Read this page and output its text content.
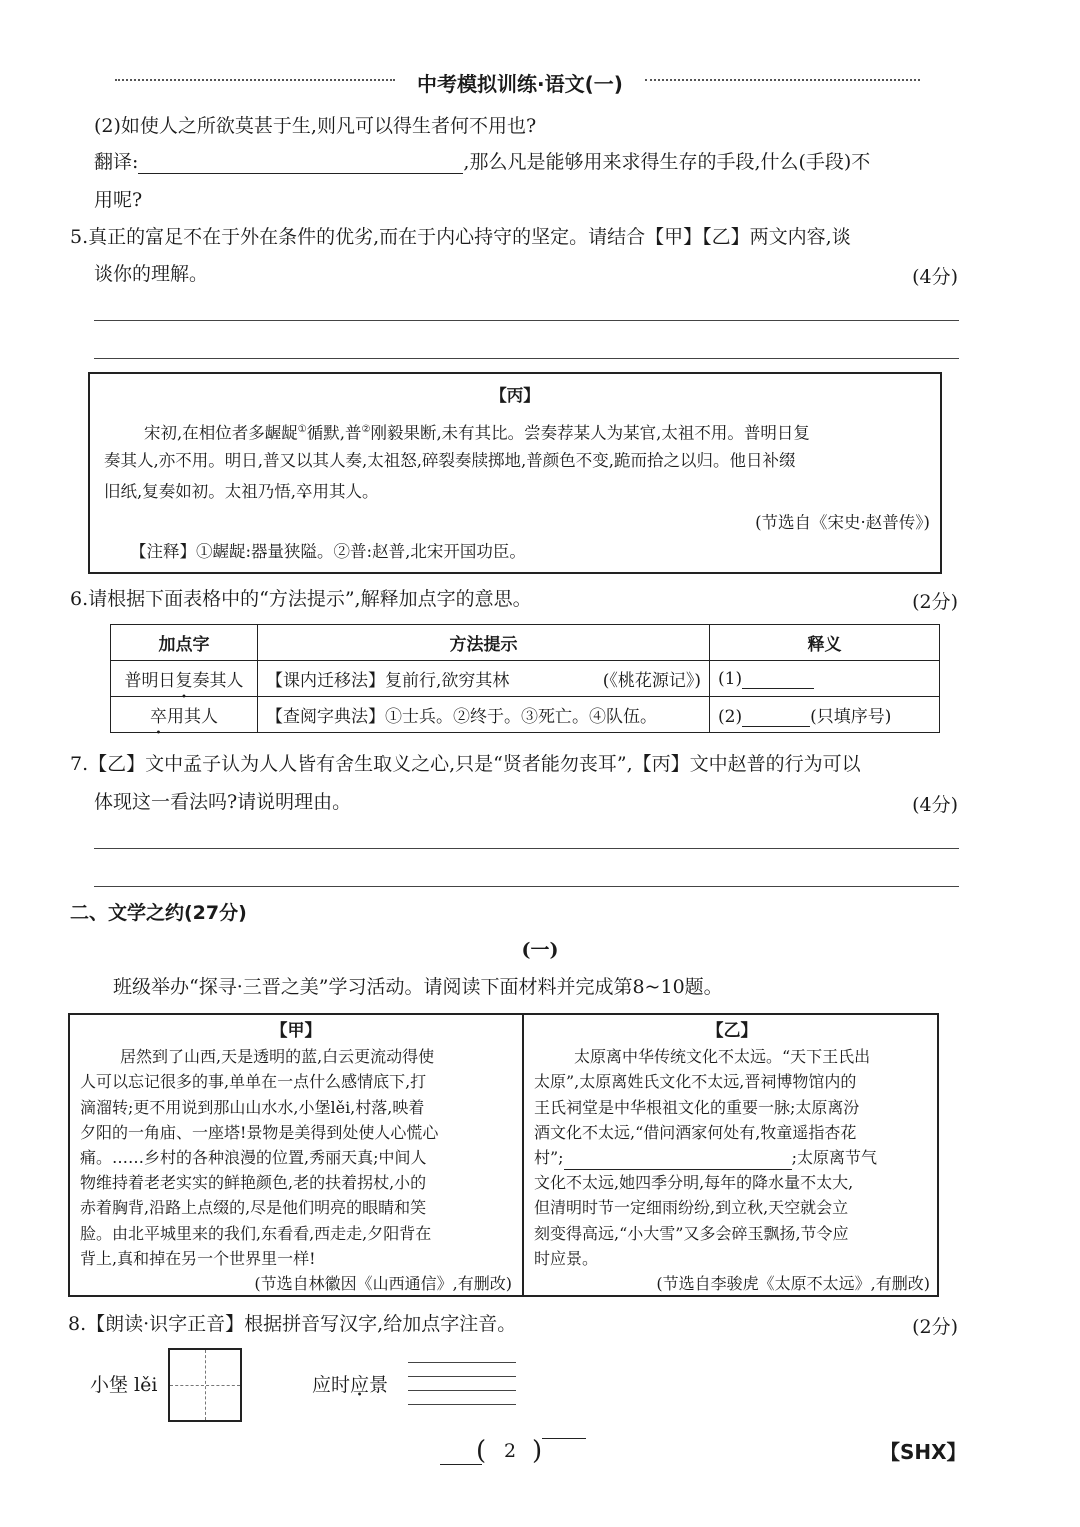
中考模拟训练·语文(一)
(2)如使人之所欲莫甚于生,则凡可以得生者何不用也?
翻译:	,那么凡是能够用来求得生存的手段,什么(手段)不
用呢?
5.真正的富足不在于外在条件的优劣,而在于内心持守的坚定。请结合【甲】【乙】两文内容,谈
谈你的理解。	(4分)
【丙】
宋初,在相位者多龌龊①循默,普②刚毅果断,未有其比。尝奏荐某人为某官,太祖不用。普明日复
奏其人,亦不用。明日,普又以其人奏,太祖怒,碎裂奏牍掷地,普颜色不变,跪而拾之以归。他日补缀
旧纸,复奏如初。太祖乃悟,卒用其人。
(节选自《宋史·赵普传》)
【注释】①龌龊:器量狭隘。②普:赵普,北宋开国功臣。
6.请根据下面表格中的“方法提示”,解释加点字的意思。	(2分)
加点字	方法提示	释义
普明日复奏其人	【课内迁移法】复前行,欲穷其林 (《桃花源记》)	(1)
卒用其人	【查阅字典法】①士兵。②终于。③死亡。④队伍。	(2) (只填序号)
7.【乙】文中孟子认为人人皆有舍生取义之心,只是“贤者能勿丧耳”,【丙】文中赵普的行为可以
体现这一看法吗?请说明理由。	(4分)
二、文学之约(27分)
(一)
班级举办“探寻·三晋之美”学习活动。请阅读下面材料并完成第8~10题。
【甲】
居然到了山西,天是透明的蓝,白云更流动得使
人可以忘记很多的事,单单在一点什么感情底下,打
滴溜转;更不用说到那山山水水,小堡lěi,村落,映着
夕阳的一角庙、一座塔!景物是美得到处使人心慌心
痛。……乡村的各种浪漫的位置,秀丽天真;中间人
物维持着老老实实的鲜艳颜色,老的扶着拐杖,小的
赤着胸背,沿路上点缀的,尽是他们明亮的眼睛和笑
脸。由北平城里来的我们,东看看,西走走,夕阳背在
背上,真和掉在另一个世界里一样!
(节选自林徽因《山西通信》,有删改)
【乙】
太原离中华传统文化不太远。“天下王氏出
太原”,太原离姓氏文化不太远,晋祠博物馆内的
王氏祠堂是中华根祖文化的重要一脉;太原离汾
酒文化不太远,“借问酒家何处有,牧童遥指杏花
村”;	;太原离节气
文化不太远,她四季分明,每年的降水量不太大,
但清明时节一定细雨纷纷,到立秋,天空就会立
刻变得高远,“小大雪”又多会碎玉飘扬,节令应
时应景。
(节选自李骏虎《太原不太远》,有删改)
8.【朗读·识字正音】根据拼音写汉字,给加点字注音。	(2分)
小堡 lěi	应时应景
( 2 )	【SHX】
